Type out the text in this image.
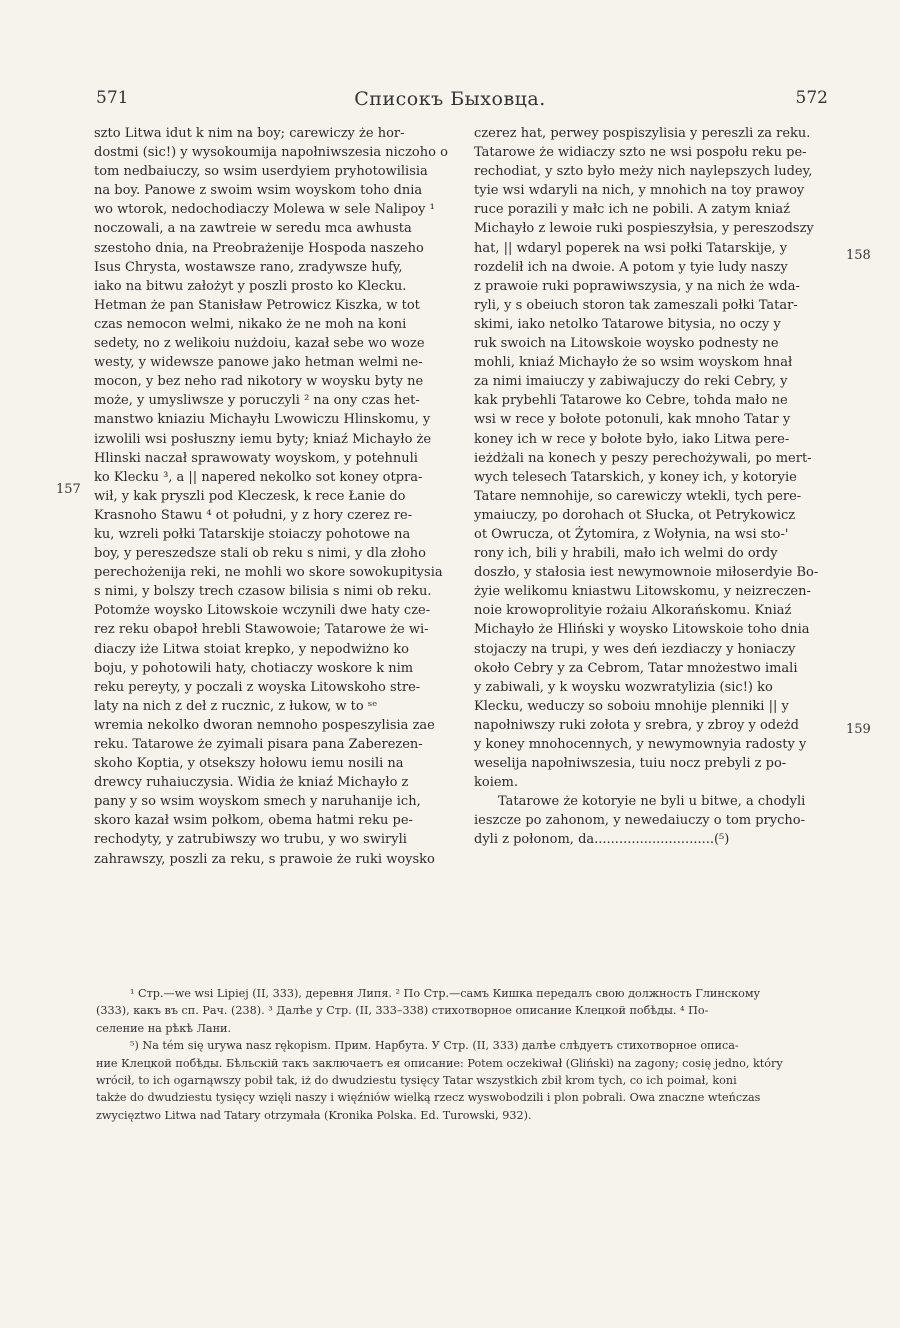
571	Списокъ Быховца.	572
157
158
159
szto Litwa idut k nim na boy; carewiczy że hor-
dostmi (sic!) y wysokoumija napołniwszesia niczoho o
tom nedbaiuczy, so wsim userdyiem pryhotowilisia
na boy. Panowe z swoim wsim woyskom toho dnia
wo wtorok, nedochodiaczy Molewa w sele Nalipoy ¹
noczowali, a na zawtreie w seredu mca awhusta
szestoho dnia, na Preobrażenije Hospoda naszeho
Isus Chrysta, wostawsze rano, zradywsze hufy,
iako na bitwu założyt y poszli prosto ko Klecku.
Hetman że pan Stanisław Petrowicz Kiszka, w tot
czas nemocon welmi, nikako że ne moh na koni
sedety, no z welikoiu nużdoiu, kazał sebe wo woze
westy, y widewsze panowe jako hetman welmi ne-
mocon, y bez neho rad nikotory w woysku byty ne
może, y umysliwsze y poruczyli ² na ony czas het-
manstwo kniaziu Michayłu Lwowiczu Hlinskomu, y
izwolili wsi posłuszny iemu byty; kniaź Michayło że
Hlinski naczał sprawowaty woyskom, y potehnuli
ko Klecku ³, a || napered nekolko sot koney otpra-
wił, y kak pryszli pod Kleczesk, k rece Łanie do
Krasnoho Stawu ⁴ ot południ, y z hory czerez re-
ku, wzreli połki Tatarskije stoiaczy pohotowe na
boy, y pereszedsze stali ob reku s nimi, y dla złoho
perechożenija reki, ne mohli wo skore sowokupitysia
s nimi, y bolszy trech czasow bilisia s nimi ob reku.
Potomże woysko Litowskoie wczynili dwe haty cze-
rez reku obapoł hrebli Stawowoie; Tatarowe że wi-
diaczy iże Litwa stoiat krepko, y nepodwiżno ko
boju, y pohotowili haty, chotiaczy woskore k nim
reku pereyty, y poczali z woyska Litowskoho stre-
laty na nich z deł z rucznic, z łukow, w to ˢᵉ
wremia nekolko dworan nemnoho pospeszylisia zae
reku. Tatarowe że zyimali pisara pana Zaberezen-
skoho Koptia, y otsekszy hołowu iemu nosili na
drewcy ruhaiuczysia. Widia że kniaź Michayło z
pany y so wsim woyskom smech y naruhanije ich,
skoro kazał wsim połkom, obema hatmi reku pe-
rechodyty, y zatrubiwszy wo trubu, y wo swiryli
zahrawszy, poszli za reku, s prawoie że ruki woysko
czerez hat, perwey pospiszylisia y pereszli za reku.
Tatarowe że widiaczy szto ne wsi pospołu reku pe-
rechodiat, y szto było meży nich naylepszych ludey,
tyie wsi wdaryli na nich, y mnohich na toy prawoy
ruce porazili y małc ich ne pobili. A zatym kniaź
Michayło z lewoie ruki pospieszyłsia, y pereszodszy
hat, || wdaryl poperek na wsi połki Tatarskije, y
rozdelił ich na dwoie. A potom y tyie ludy naszy
z prawoie ruki poprawiwszysia, y na nich że wda-
ryli, y s obeiuch storon tak zameszali połki Tatar-
skimi, iako netolko Tatarowe bitysia, no oczy y
ruk swoich na Litowskoie woysko podnesty ne
mohli, kniaź Michayło że so wsim woyskom hnał
za nimi imaiuczy y zabiwajuczy do reki Cebry, y
kak prybehli Tatarowe ko Cebre, tohda mało ne
wsi w rece y bołote potonuli, kak mnoho Tatar y
koney ich w rece y bołote było, iako Litwa pere-
ieżdżali na konech y peszy perechożywali, po mert-
wych telesech Tatarskich, y koney ich, y kotoryie
Tatare nemnohije, so carewiczy wtekli, tych pere-
ymaiuczy, po dorohach ot Słucka, ot Petrykowicz
ot Owrucza, ot Żytomira, z Wołynia, na wsi sto-'
rony ich, bili y hrabili, mało ich welmi do ordy
doszło, y stałosia iest newymownoie miłoserdyie Bo-
żyie welikomu kniastwu Litowskomu, y neizreczen-
noie krowoprolityie rożaiu Alkorańskomu. Kniaź
Michayło że Hliński y woysko Litowskoie toho dnia
stojaczy na trupi, y wes deń iezdiaczy y honiaczy
około Cebry y za Cebrom, Tatar mnożestwo imali
y zabiwali, y k woysku wozwratylizia (sic!) ko
Klecku, weduczy so soboiu mnohije plenniki || y
napołniwszy ruki zołota y srebra, y zbroy y odeżd
y koney mnohocennych, y newymownyia radosty y
weselija napołniwszesia, tuiu nocz prebyli z po-
koiem.
Tatarowe że kotoryie ne byli u bitwe, a chodyli
ieszcze po zahonom, y newedaiuczy o tom prycho-
dyli z połonom, da.............................(⁵)
¹ Стр.—we wsi Lipiej (II, 333), деревня Липя. ² По Стр.—самъ Кишка передалъ свою должность Глинскому
(333), какъ въ сп. Рач. (238). ³ Далѣе у Стр. (II, 333–338) стихотворное описание Клецкой побѣды. ⁴ По-
селение на рѣкѣ Лани.
⁵) Na tém się urywa nasz rękopism. Прим. Нарбута. У Стр. (II, 333) далѣе слѣдуетъ стихотворное описа-
ние Клецкой побѣды. Бѣльскій такъ заключаетъ ея описание: Potem oczekiwał (Gliński) na zagony; cosię jedno, który
wrócił, to ich ogarnąwszy pobił tak, iż do dwudziestu tysięcy Tatar wszystkich zbił krom tych, co ich poimał, koni
także do dwudziestu tysięcy wzięli naszy i więźniów wielką rzecz wyswobodzili i plon pobrali. Owa znaczne wteńczas
zwycięztwo Litwa nad Tatary otrzymała (Kronika Polska. Ed. Turowski, 932).
